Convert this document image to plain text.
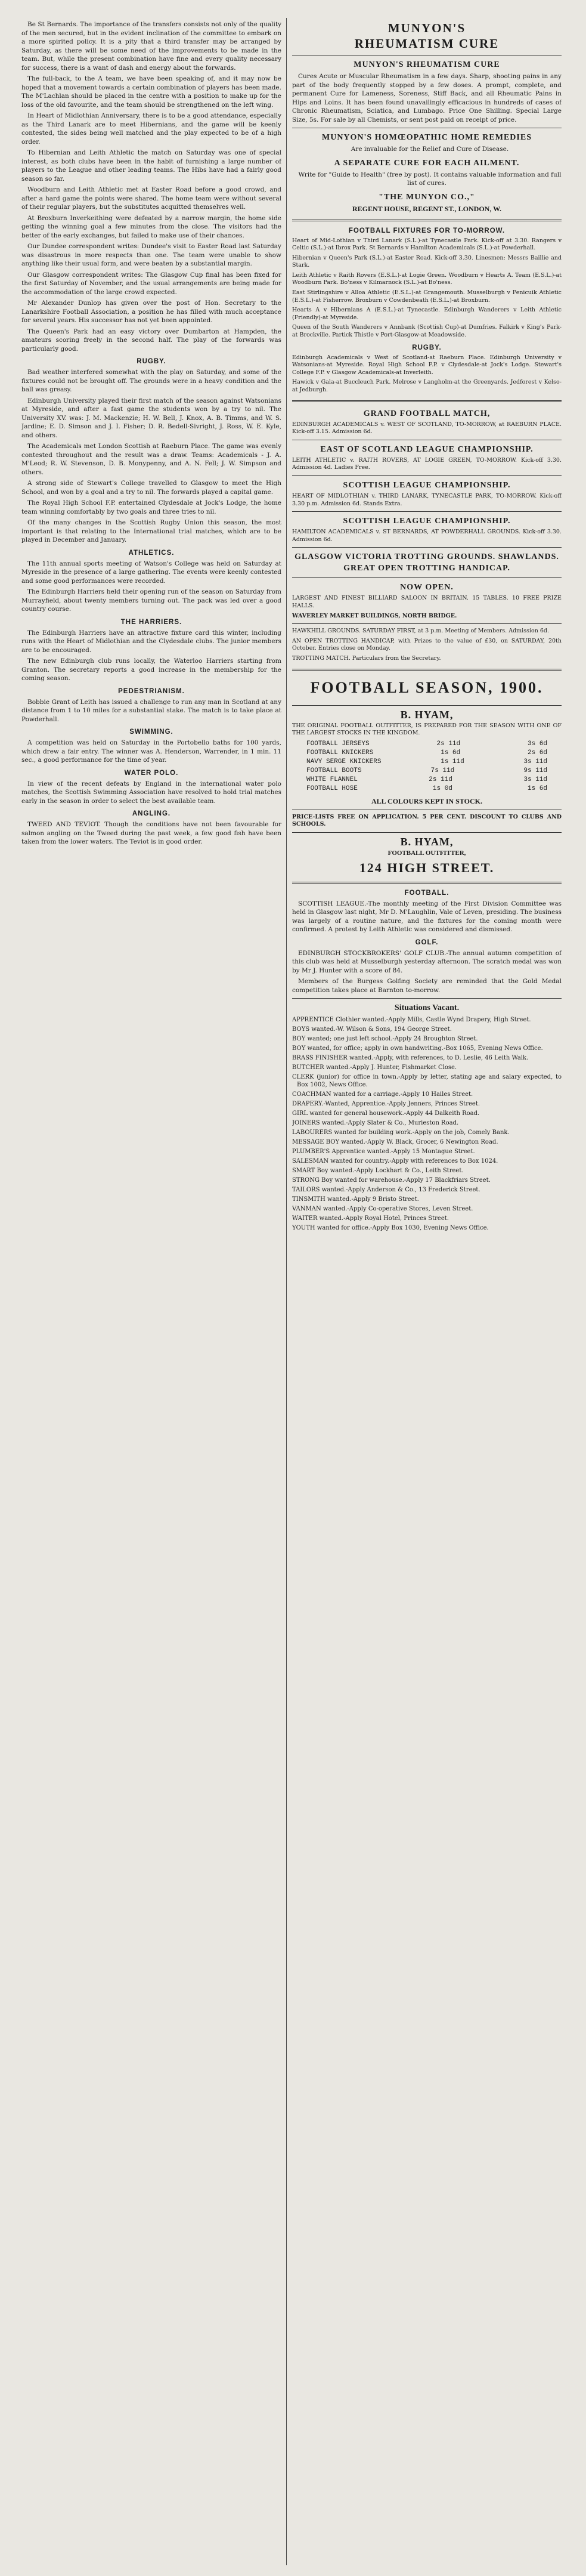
Be St Bernards. The importance of the transfers consists not only of the quality of the men secured, but in the evident inclination of the committee to embark on a more spirited policy. It is a pity that a third transfer may be arranged by Saturday, as there will be some need of the improvements to be made in the team. But, while the present combination have fine and every quality necessary for success, there is a want of dash and energy about the forwards.

The full-back, to the A team, we have been speaking of, and it may now be hoped that a movement towards a certain combination of players has been made. The M'Lachlan should be placed in the centre with a position to make up for the loss of the old favourite, and the team should be strengthened on the left wing.

In Heart of Midlothian Anniversary, there is to be a good attendance, especially as the Third Lanark are to meet Hibernians, and the game will be keenly contested, the sides being well matched and the play expected to be of a high order.

To Hibernian and Leith Athletic the match on Saturday was one of special interest, as both clubs have been in the habit of furnishing a large number of players to the League and other leading teams. The Hibs have had a fairly good season so far.

Woodburn and Leith Athletic met at Easter Road before a good crowd, and after a hard game the points were shared. The home team were without several of their regular players, but the substitutes acquitted themselves well.

At Broxburn Inverkeithing were defeated by a narrow margin, the home side getting the winning goal a few minutes from the close. The visitors had the better of the early exchanges, but failed to make use of their chances.

Our Dundee correspondent writes: Dundee's visit to Easter Road last Saturday was disastrous in more respects than one. The team were unable to show anything like their usual form, and were beaten by a substantial margin.

Our Glasgow correspondent writes: The Glasgow Cup final has been fixed for the first Saturday of November, and the usual arrangements are being made for the accommodation of the large crowd expected.

Mr Alexander Dunlop has given over the post of Hon. Secretary to the Lanarkshire Football Association, a position he has filled with much acceptance for several years. His successor has not yet been appointed.

The Queen's Park had an easy victory over Dumbarton at Hampden, the amateurs scoring freely in the second half. The play of the forwards was particularly good.

RUGBY.

Bad weather interfered somewhat with the play on Saturday, and some of the fixtures could not be brought off. The grounds were in a heavy condition and the ball was greasy.

Edinburgh University played their first match of the season against Watsonians at Myreside, and after a fast game the students won by a try to nil. The University XV. was: J. M. Mackenzie; H. W. Bell, J. Knox, A. B. Timms, and W. S. Jardine; E. D. Simson and J. I. Fisher; D. R. Bedell-Sivright, J. Ross, W. E. Kyle, and others.

The Academicals met London Scottish at Raeburn Place. The game was evenly contested throughout and the result was a draw. Teams: Academicals - J. A. M'Leod; R. W. Stevenson, D. B. Monypenny, and A. N. Fell; J. W. Simpson and others.

A strong side of Stewart's College travelled to Glasgow to meet the High School, and won by a goal and a try to nil. The forwards played a capital game.

The Royal High School F.P. entertained Clydesdale at Jock's Lodge, the home team winning comfortably by two goals and three tries to nil.

Of the many changes in the Scottish Rugby Union this season, the most important is that relating to the International trial matches, which are to be played in December and January.

ATHLETICS.

The 11th annual sports meeting of Watson's College was held on Saturday at Myreside in the presence of a large gathering. The events were keenly contested and some good performances were recorded.

The Edinburgh Harriers held their opening run of the season on Saturday from Murrayfield, about twenty members turning out. The pack was led over a good country course.

THE HARRIERS.

The Edinburgh Harriers have an attractive fixture card this winter, including runs with the Heart of Midlothian and the Clydesdale clubs. The junior members are to be encouraged.

The new Edinburgh club runs locally, the Waterloo Harriers starting from Granton. The secretary reports a good increase in the membership for the coming season.

PEDESTRIANISM.

Bobbie Grant of Leith has issued a challenge to run any man in Scotland at any distance from 1 to 10 miles for a substantial stake. The match is to take place at Powderhall.

SWIMMING.

A competition was held on Saturday in the Portobello baths for 100 yards, which drew a fair entry. The winner was A. Henderson, Warrender, in 1 min. 11 sec., a good performance for the time of year.

WATER POLO.

In view of the recent defeats by England in the international water polo matches, the Scottish Swimming Association have resolved to hold trial matches early in the season in order to select the best available team.

ANGLING.

TWEED AND TEVIOT. Though the conditions have not been favourable for salmon angling on the Tweed during the past week, a few good fish have been taken from the lower waters. The Teviot is in good order.

MUNYON'S
RHEUMATISM CURE
MUNYON'S RHEUMATISM CURE

Cures Acute or Muscular Rheumatism in a few days. Sharp, shooting pains in any part of the body frequently stopped by a few doses. A prompt, complete, and permanent Cure for Lameness, Soreness, Stiff Back, and all Rheumatic Pains in Hips and Loins. It has been found unavailingly efficacious in hundreds of cases of Chronic Rheumatism, Sciatica, and Lumbago. Price One Shilling. Special Large Size, 5s. For sale by all Chemists, or sent post paid on receipt of price.

MUNYON'S HOMŒOPATHIC HOME REMEDIES

Are invaluable for the Relief and Cure of Disease.

A SEPARATE CURE FOR EACH AILMENT.

Write for "Guide to Health" (free by post). It contains valuable information and full list of cures.

"THE MUNYON CO.,"
REGENT HOUSE, REGENT ST., LONDON, W.
FOOTBALL FIXTURES FOR TO-MORROW.

Heart of Mid-Lothian v Third Lanark (S.L.)-at Tynecastle Park. Kick-off at 3.30. Rangers v Celtic (S.L.)-at Ibrox Park. St Bernards v Hamilton Academicals (S.L.)-at Powderhall.

Hibernian v Queen's Park (S.L.)-at Easter Road. Kick-off 3.30. Linesmen: Messrs Baillie and Stark.

Leith Athletic v Raith Rovers (E.S.L.)-at Logie Green. Woodburn v Hearts A. Team (E.S.L.)-at Woodburn Park. Bo'ness v Kilmarnock (S.L.)-at Bo'ness.

East Stirlingshire v Alloa Athletic (E.S.L.)-at Grangemouth. Musselburgh v Penicuik Athletic (E.S.L.)-at Fisherrow. Broxburn v Cowdenbeath (E.S.L.)-at Broxburn.

Hearts A v Hibernians A (E.S.L.)-at Tynecastle. Edinburgh Wanderers v Leith Athletic (Friendly)-at Myreside.

Queen of the South Wanderers v Annbank (Scottish Cup)-at Dumfries. Falkirk v King's Park-at Brockville. Partick Thistle v Port-Glasgow-at Meadowside.

RUGBY.

Edinburgh Academicals v West of Scotland-at Raeburn Place. Edinburgh University v Watsonians-at Myreside. Royal High School F.P. v Clydesdale-at Jock's Lodge. Stewart's College F.P. v Glasgow Academicals-at Inverleith.

Hawick v Gala-at Buccleuch Park. Melrose v Langholm-at the Greenyards. Jedforest v Kelso-at Jedburgh.

GRAND FOOTBALL MATCH,

EDINBURGH ACADEMICALS v. WEST OF SCOTLAND, TO-MORROW, at RAEBURN PLACE. Kick-off 3.15. Admission 6d.

EAST OF SCOTLAND LEAGUE CHAMPIONSHIP.

LEITH ATHLETIC v. RAITH ROVERS, AT LOGIE GREEN, TO-MORROW. Kick-off 3.30. Admission 4d. Ladies Free.

SCOTTISH LEAGUE CHAMPIONSHIP.

HEART OF MIDLOTHIAN v. THIRD LANARK, TYNECASTLE PARK, TO-MORROW. Kick-off 3.30 p.m. Admission 6d. Stands Extra.

SCOTTISH LEAGUE CHAMPIONSHIP.

HAMILTON ACADEMICALS v. ST BERNARDS, AT POWDERHALL GROUNDS. Kick-off 3.30. Admission 6d.

GLASGOW VICTORIA TROTTING GROUNDS. SHAWLANDS. GREAT OPEN TROTTING HANDICAP.
NOW OPEN.

LARGEST AND FINEST BILLIARD SALOON IN BRITAIN. 15 TABLES. 10 FREE PRIZE HALLS.

WAVERLEY MARKET BUILDINGS, NORTH BRIDGE.

HAWKHILL GROUNDS. SATURDAY FIRST, at 3 p.m. Meeting of Members. Admission 6d.

AN OPEN TROTTING HANDICAP, with Prizes to the value of £30, on SATURDAY, 20th October. Entries close on Monday.

TROTTING MATCH. Particulars from the Secretary.

FOOTBALL SEASON, 1900.
B. HYAM,

THE ORIGINAL FOOTBALL OUTFITTER, IS PREPARED FOR THE SEASON WITH ONE OF THE LARGEST STOCKS IN THE KINGDOM.

FOOTBALL JERSEYS	2s 11d	3s 6d
FOOTBALL KNICKERS	1s 6d	2s 6d
NAVY SERGE KNICKERS	1s 11d	3s 11d
FOOTBALL BOOTS	7s 11d	9s 11d
WHITE FLANNEL	2s 11d	3s 11d
FOOTBALL HOSE	1s 0d	1s 6d
ALL COLOURS KEPT IN STOCK.

PRICE-LISTS FREE ON APPLICATION. 5 PER CENT. DISCOUNT TO CLUBS AND SCHOOLS.

B. HYAM,
FOOTBALL OUTFITTER,
124 HIGH STREET.
FOOTBALL.

SCOTTISH LEAGUE.-The monthly meeting of the First Division Committee was held in Glasgow last night, Mr D. M'Laughlin, Vale of Leven, presiding. The business was largely of a routine nature, and the fixtures for the coming month were confirmed. A protest by Leith Athletic was considered and dismissed.

GOLF.

EDINBURGH STOCKBROKERS' GOLF CLUB.-The annual autumn competition of this club was held at Musselburgh yesterday afternoon. The scratch medal was won by Mr J. Hunter with a score of 84.

Members of the Burgess Golfing Society are reminded that the Gold Medal competition takes place at Barnton to-morrow.

Situations Vacant.

APPRENTICE Clothier wanted.-Apply Mills, Castle Wynd Drapery, High Street.

BOYS wanted.-W. Wilson & Sons, 194 George Street.

BOY wanted; one just left school.-Apply 24 Broughton Street.

BOY wanted, for office; apply in own handwriting.-Box 1065, Evening News Office.

BRASS FINISHER wanted.-Apply, with references, to D. Leslie, 46 Leith Walk.

BUTCHER wanted.-Apply J. Hunter, Fishmarket Close.

CLERK (junior) for office in town.-Apply by letter, stating age and salary expected, to Box 1002, News Office.

COACHMAN wanted for a carriage.-Apply 10 Hailes Street.

DRAPERY.-Wanted, Apprentice.-Apply Jenners, Princes Street.

GIRL wanted for general housework.-Apply 44 Dalkeith Road.

JOINERS wanted.-Apply Slater & Co., Murieston Road.

LABOURERS wanted for building work.-Apply on the job, Comely Bank.

MESSAGE BOY wanted.-Apply W. Black, Grocer, 6 Newington Road.

PLUMBER'S Apprentice wanted.-Apply 15 Montague Street.

SALESMAN wanted for country.-Apply with references to Box 1024.

SMART Boy wanted.-Apply Lockhart & Co., Leith Street.

STRONG Boy wanted for warehouse.-Apply 17 Blackfriars Street.

TAILORS wanted.-Apply Anderson & Co., 13 Frederick Street.

TINSMITH wanted.-Apply 9 Bristo Street.

VANMAN wanted.-Apply Co-operative Stores, Leven Street.

WAITER wanted.-Apply Royal Hotel, Princes Street.

YOUTH wanted for office.-Apply Box 1030, Evening News Office.
